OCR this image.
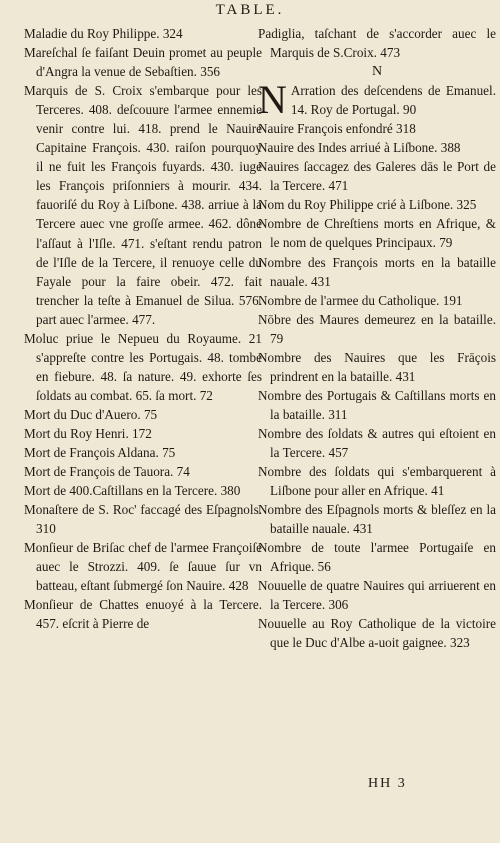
TABLE.

Maladie du Roy Philippe. 324

Mareſchal ſe faiſant Deuin promet au peuple d'Angra la venue de Sebaſtien. 356

Marquis de S. Croix s'embarque pour les Terceres. 408. deſcouure l'armee ennemie venir contre lui. 418. prend le Nauire Capitaine François. 430. raiſon pourquoy il ne fuit les François fuyards. 430. iuge les François priſonniers à mourir. 434. fauoriſé du Roy à Liſbone. 438. arriue à la Tercere auec vne groſſe armee. 462. dône l'aſſaut à l'Iſle. 471. s'eſtant rendu patron de l'Iſle de la Tercere, il renuoye celle du Fayale pour la faire obeir. 472. fait trencher la teſte à Emanuel de Silua. 576. part auec l'armee. 477.

Moluc priue le Nepueu du Royaume. 21 s'appreſte contre les Portugais. 48. tombe en fiebure. 48. ſa nature. 49. exhorte ſes ſoldats au combat. 65. ſa mort. 72

Mort du Duc d'Auero. 75

Mort du Roy Henri. 172

Mort de François Aldana. 75

Mort de François de Tauora. 74

Mort de 400.Caſtillans en la Tercere. 380

Monaſtere de S. Roc' faccagé des Eſpagnols. 310

Monſieur de Briſac chef de l'armee Françoiſe auec le Strozzi. 409. ſe ſauue ſur vn batteau, eſtant ſubmergé ſon Nauire. 428

Monſieur de Chattes enuoyé à la Tercere. 457. eſcrit à Pierre de

Padiglia, taſchant de s'accorder auec le Marquis de S.Croix. 473

N

N Arration des deſcendens de Emanuel. 14. Roy de Portugal. 90

Nauire François enfondré 318

Nauire des Indes arriué à Liſbone. 388

Nauires ſaccagez des Galeres dās le Port de la Tercere. 471

Nom du Roy Philippe crié à Liſbone. 325

Nombre de Chreſtiens morts en Afrique, & le nom de quelques Principaux. 79

Nombre des François morts en la bataille nauale. 431

Nombre de l'armee du Catholique. 191

Nōbre des Maures demeurez en la bataille. 79

Nombre des Nauires que les Frāçois prindrent en la bataille. 431

Nombre des Portugais & Caſtillans morts en la bataille. 311

Nombre des ſoldats & autres qui eſtoient en la Tercere. 457

Nombre des ſoldats qui s'embarquerent à Liſbone pour aller en Afrique. 41

Nombre des Eſpagnols morts & bleſſez en la bataille nauale. 431

Nombre de toute l'armee Portugaiſe en Afrique. 56

Nouuelle de quatre Nauires qui arriuerent en la Tercere. 306

Nouuelle au Roy Catholique de la victoire que le Duc d'Albe a-uoit gaignee. 323

HH 3
